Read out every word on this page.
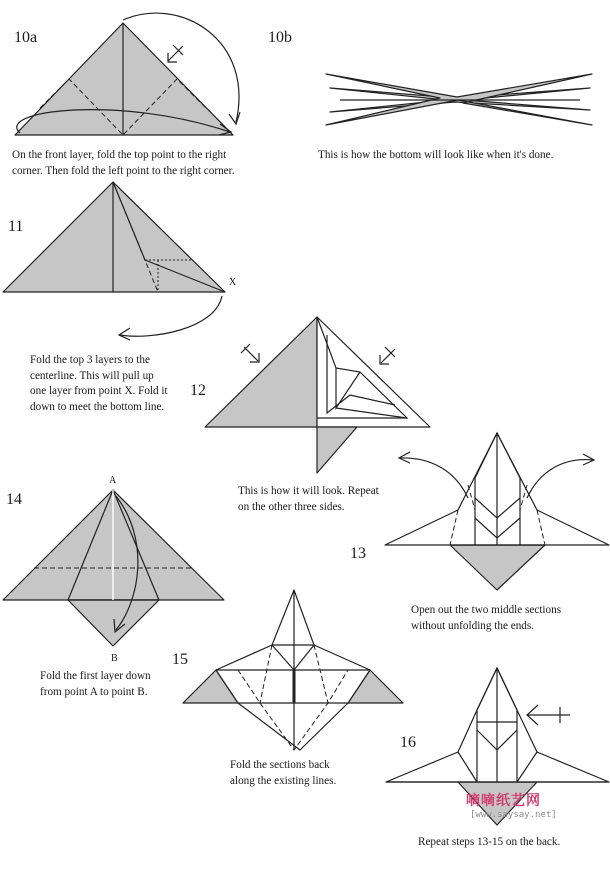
10a	10b
11
12
13
14
15
16
X
A
B
On the front layer, fold the top point to the right
corner. Then fold the left point to the right corner.
This is how the bottom will look like when it's done.
Fold the top 3 layers to the
centerline. This will pull up
one layer from point X. Fold it
down to meet the bottom line.
This is how it will look. Repeat
on the other three sides.
Open out the two middle sections
without unfolding the ends.
Fold the first layer down
from point A to point B.
Fold the sections back
along the existing lines.
Repeat steps 13-15 on the back.
嘀嘀纸艺网
[www.saysay.net]
